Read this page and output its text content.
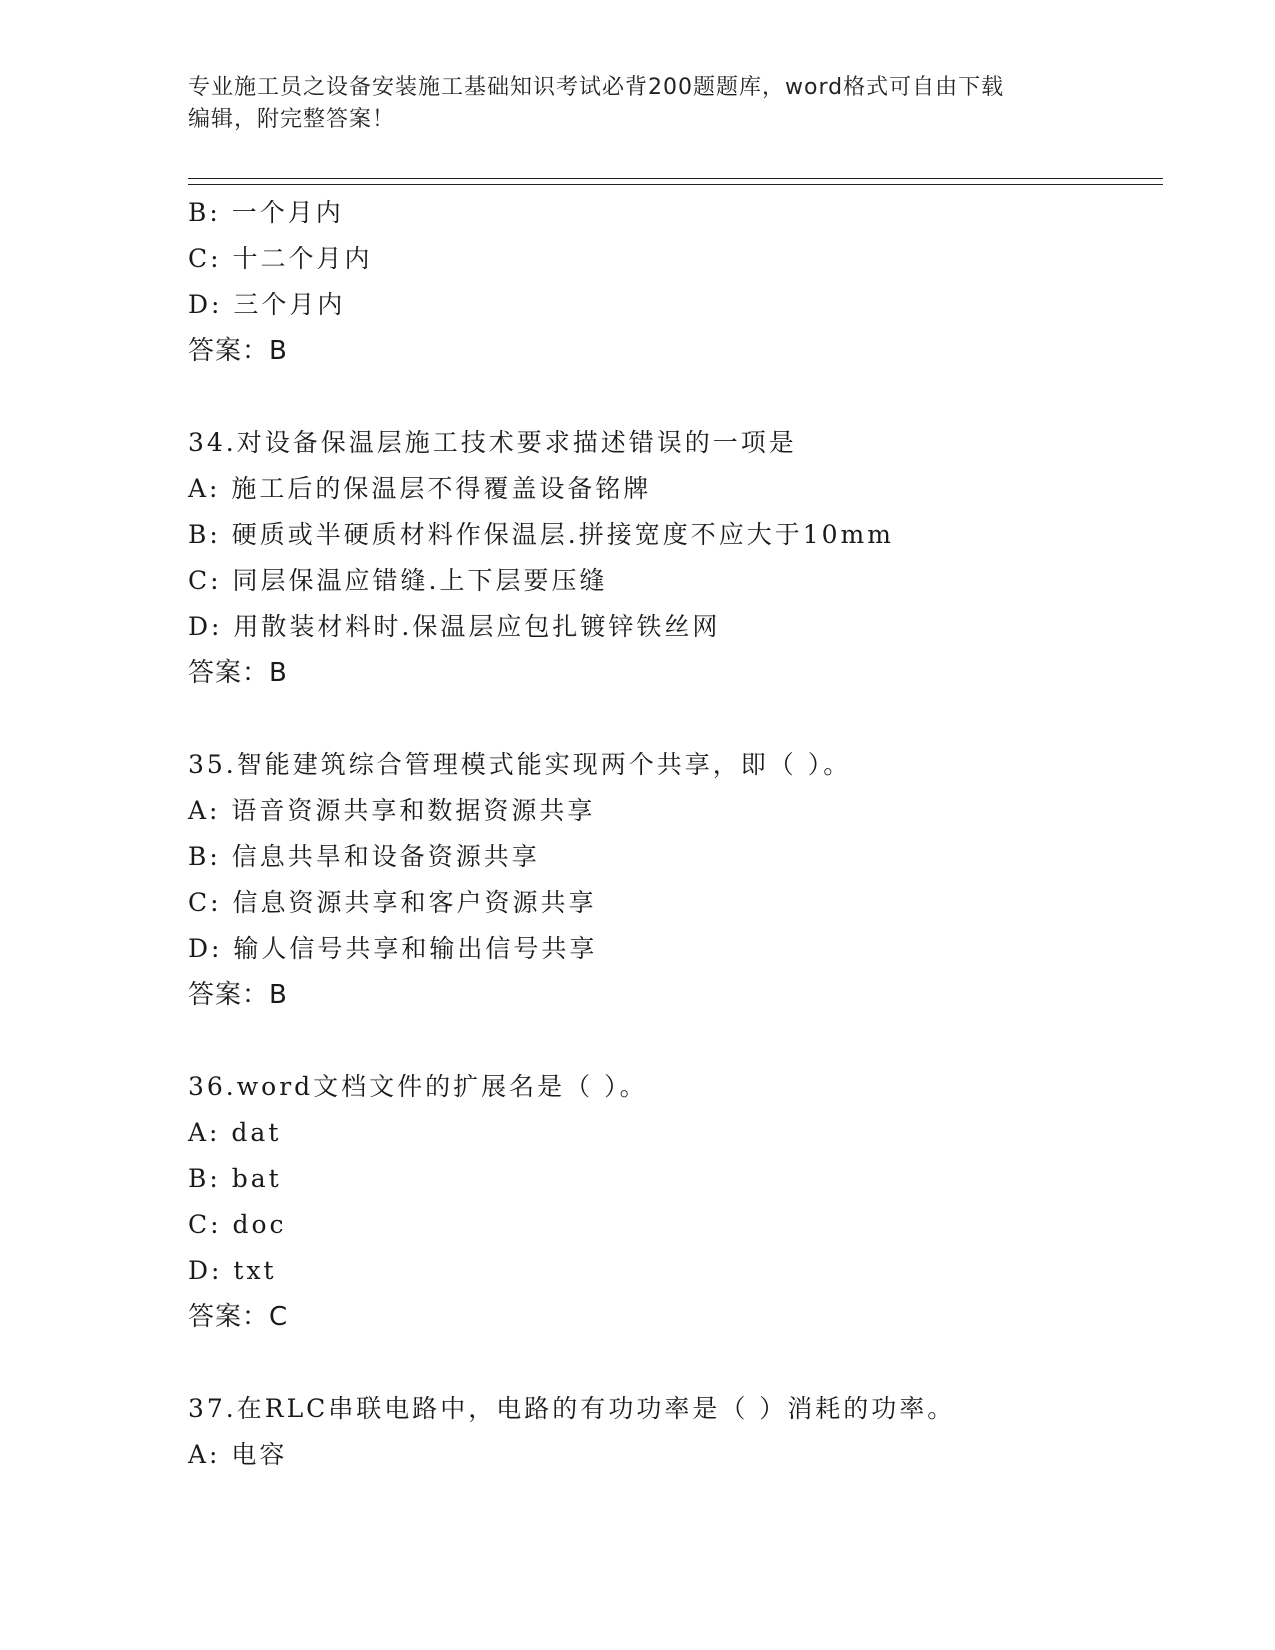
专业施工员之设备安装施工基础知识考试必背200题题库，word格式可自由下载
编辑，附完整答案！
B: 一个月内
C: 十二个月内
D: 三个月内
答案：B
34.对设备保温层施工技术要求描述错误的一项是
A: 施工后的保温层不得覆盖设备铭牌
B: 硬质或半硬质材料作保温层.拼接宽度不应大于10mm
C: 同层保温应错缝.上下层要压缝
D: 用散装材料时.保温层应包扎镀锌铁丝网
答案：B
35.智能建筑综合管理模式能实现两个共享，即（ ）。
A: 语音资源共享和数据资源共享
B: 信息共旱和设备资源共享
C: 信息资源共享和客户资源共享
D: 输人信号共享和输出信号共享
答案：B
36.word文档文件的扩展名是（ ）。
A: dat
B: bat
C: doc
D: txt
答案：C
37.在RLC串联电路中，电路的有功功率是（ ）消耗的功率。
A: 电容
